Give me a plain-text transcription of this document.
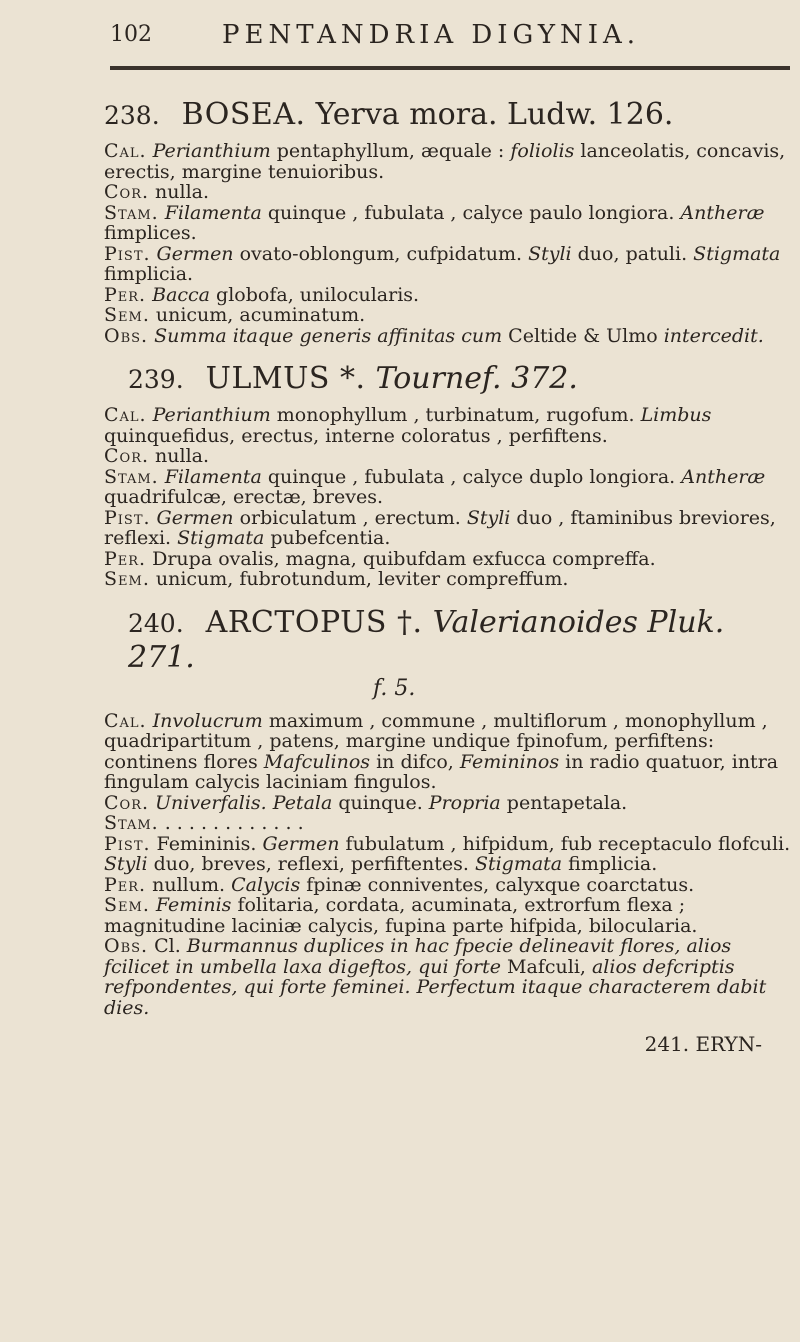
102	PENTANDRIA DIGYNIA.
238. BOSEA. Yerva mora. Ludw. 126.
Cal. Perianthium pentaphyllum, æquale : foliolis lanceolatis, concavis, erectis, margine tenuioribus.
Cor. nulla.
Stam. Filamenta quinque , fubulata , calyce paulo longiora. Antheræ fimplices.
Pist. Germen ovato-oblongum, cufpidatum. Styli duo, patuli. Stigmata fimplicia.
Per. Bacca globofa, unilocularis.
Sem. unicum, acuminatum.
Obs. Summa itaque generis affinitas cum Celtide & Ulmo intercedit.
239. ULMUS *. Tournef. 372.
Cal. Perianthium monophyllum , turbinatum, rugofum. Limbus quinquefidus, erectus, interne coloratus , perfiftens.
Cor. nulla.
Stam. Filamenta quinque , fubulata , calyce duplo longiora. Antheræ quadrifulcæ, erectæ, breves.
Pist. Germen orbiculatum , erectum. Styli duo , ftaminibus breviores, reflexi. Stigmata pubefcentia.
Per. Drupa ovalis, magna, quibufdam exfucca compreffa.
Sem. unicum, fubrotundum, leviter compreffum.
240. ARCTOPUS †. Valerianoides Pluk. 271.
f. 5.
Cal. Involucrum maximum , commune , multiflorum , monophyllum , quadripartitum , patens, margine undique fpinofum, perfiftens: continens flores Mafculinos in difco, Femininos in radio quatuor, intra fingulam calycis laciniam fingulos.
Cor. Univerfalis. Petala quinque. Propria pentapetala.
Stam. . . . . . . . . . . . .
Pist. Femininis. Germen fubulatum , hifpidum, fub receptaculo flofculi. Styli duo, breves, reflexi, perfiftentes. Stigmata fimplicia.
Per. nullum. Calycis fpinæ conniventes, calyxque coarctatus.
Sem. Feminis folitaria, cordata, acuminata, extrorfum flexa ; magnitudine laciniæ calycis, fupina parte hifpida, bilocularia.
Obs. Cl. Burmannus duplices in hac fpecie delineavit flores, alios fcilicet in umbella laxa digeftos, qui forte Mafculi, alios defcriptis refpondentes, qui forte feminei. Perfectum itaque characterem dabit dies.
241. ERYN-
